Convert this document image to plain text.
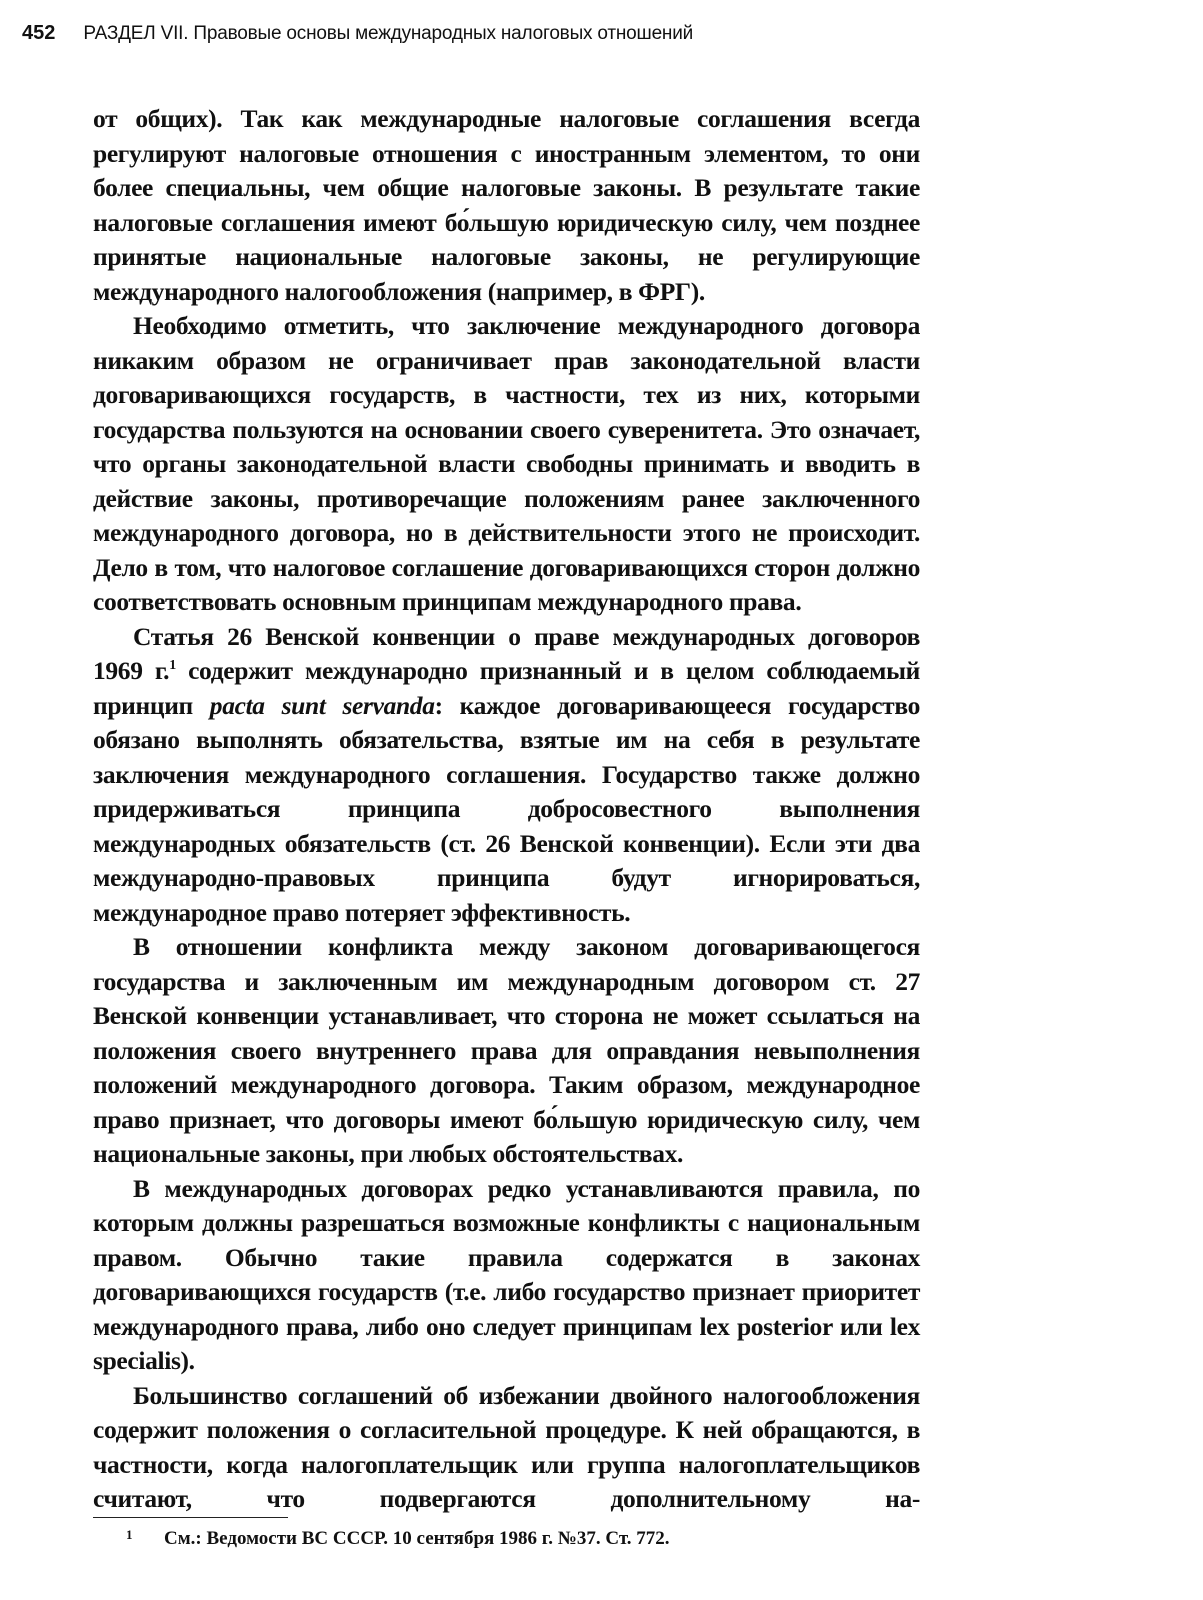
452 РАЗДЕЛ VII. Правовые основы международных налоговых отношений

от общих). Так как международные налоговые соглашения всегда регулируют налоговые отношения с иностранным элементом, то они более специальны, чем общие налоговые законы. В результате такие налоговые соглашения имеют бо́льшую юридическую силу, чем позднее принятые национальные налоговые законы, не регулирующие международного налогообложения (например, в ФРГ).

Необходимо отметить, что заключение международного договора никаким образом не ограничивает прав законодательной власти договаривающихся государств, в частности, тех из них, которыми государства пользуются на основании своего суверенитета. Это означает, что органы законодательной власти свободны принимать и вводить в действие законы, противоречащие положениям ранее заключенного международного договора, но в действительности этого не происходит. Дело в том, что налоговое соглашение договаривающихся сторон должно соответствовать основным принципам международного права.

Статья 26 Венской конвенции о праве международных договоров 1969 г.$^1$ содержит международно признанный и в целом соблюдаемый принцип pacta sunt servanda: каждое договаривающееся государство обязано выполнять обязательства, взятые им на себя в результате заключения международного соглашения. Государство также должно придерживаться принципа добросовестного выполнения международных обязательств (ст. 26 Венской конвенции). Если эти два международно-правовых принципа будут игнорироваться, международное право потеряет эффективность.

В отношении конфликта между законом договаривающегося государства и заключенным им международным договором ст. 27 Венской конвенции устанавливает, что сторона не может ссылаться на положения своего внутреннего права для оправдания невыполнения положений международного договора. Таким образом, международное право признает, что договоры имеют бо́льшую юридическую силу, чем национальные законы, при любых обстоятельствах.

В международных договорах редко устанавливаются правила, по которым должны разрешаться возможные конфликты с национальным правом. Обычно такие правила содержатся в законах договаривающихся государств (т.е. либо государство признает приоритет международного права, либо оно следует принципам lex posterior или lex specialis).

Большинство соглашений об избежании двойного налогообложения содержит положения о согласительной процедуре. К ней обращаются, в частности, когда налогоплательщик или группа налогоплательщиков считают, что подвергаются дополнительному на-

1 См.: Ведомости ВС СССР. 10 сентября 1986 г. №37. Ст. 772.
